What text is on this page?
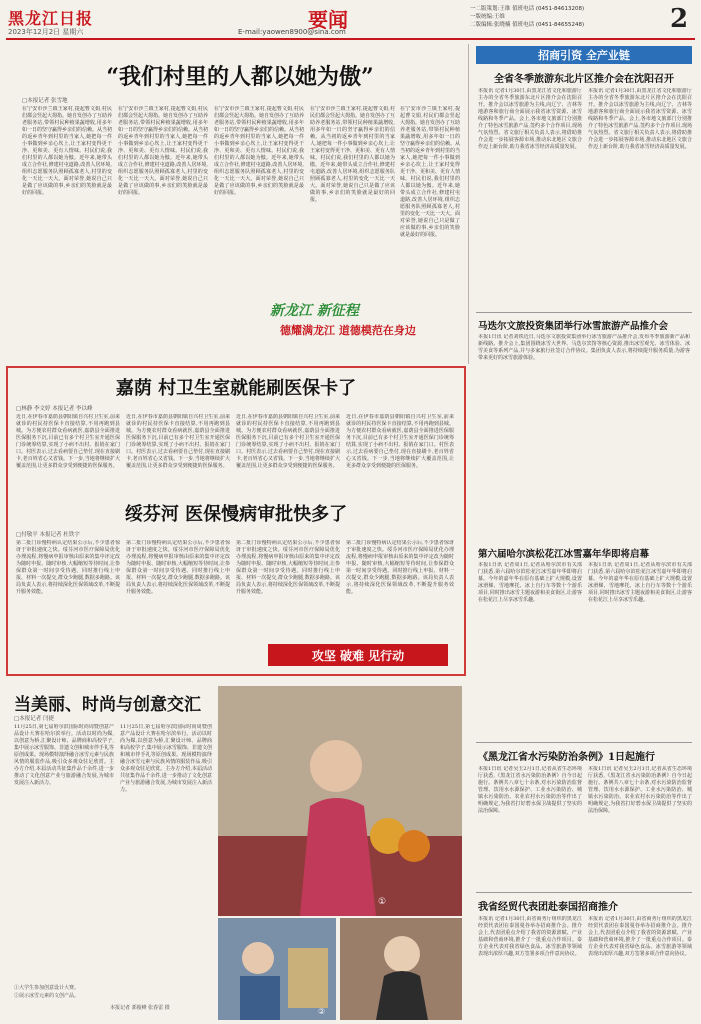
黑龙江日报
2023年12月2日 星期六	要闻
E-mail:yaowen8900@sina.com
一二版策划:王维 值班电话 (0451-84613208)
一版统编:王维
二版编辑:张晓楠 值班电话 (0451-84655248)	2
“我们村里的人都以她为傲”
□本报记者 张雪地
在宁安市沙兰镇王家村,提起曹文娟,村民们都会竖起大拇指。她自发创办了互助养老服务站,带领村民种植果蔬增收,用多年如一日的坚守赢得乡亲们的信赖。从当初的返乡青年到村里的当家人,她把每一件小事做到乡亲心坎上,让王家村变得更干净、更和美、更有人情味。村民们说,我们村里的人都以她为傲。近年来,她带头成立合作社,修建村屯道路,改善人居环境,组织志愿服务队照顾孤寡老人,村里的变化一天比一天大。面对荣誉,她说自己只是做了应该做的事,乡亲们的笑脸就是最好的回报。
在宁安市沙兰镇王家村,提起曹文娟,村民们都会竖起大拇指。她自发创办了互助养老服务站,带领村民种植果蔬增收,用多年如一日的坚守赢得乡亲们的信赖。从当初的返乡青年到村里的当家人,她把每一件小事做到乡亲心坎上,让王家村变得更干净、更和美、更有人情味。村民们说,我们村里的人都以她为傲。近年来,她带头成立合作社,修建村屯道路,改善人居环境,组织志愿服务队照顾孤寡老人,村里的变化一天比一天大。面对荣誉,她说自己只是做了应该做的事,乡亲们的笑脸就是最好的回报。
在宁安市沙兰镇王家村,提起曹文娟,村民们都会竖起大拇指。她自发创办了互助养老服务站,带领村民种植果蔬增收,用多年如一日的坚守赢得乡亲们的信赖。从当初的返乡青年到村里的当家人,她把每一件小事做到乡亲心坎上,让王家村变得更干净、更和美、更有人情味。村民们说,我们村里的人都以她为傲。近年来,她带头成立合作社,修建村屯道路,改善人居环境,组织志愿服务队照顾孤寡老人,村里的变化一天比一天大。面对荣誉,她说自己只是做了应该做的事,乡亲们的笑脸就是最好的回报。
在宁安市沙兰镇王家村,提起曹文娟,村民们都会竖起大拇指。她自发创办了互助养老服务站,带领村民种植果蔬增收,用多年如一日的坚守赢得乡亲们的信赖。从当初的返乡青年到村里的当家人,她把每一件小事做到乡亲心坎上,让王家村变得更干净、更和美、更有人情味。村民们说,我们村里的人都以她为傲。近年来,她带头成立合作社,修建村屯道路,改善人居环境,组织志愿服务队照顾孤寡老人,村里的变化一天比一天大。面对荣誉,她说自己只是做了应该做的事,乡亲们的笑脸就是最好的回报。
在宁安市沙兰镇王家村,提起曹文娟,村民们都会竖起大拇指。她自发创办了互助养老服务站,带领村民种植果蔬增收,用多年如一日的坚守赢得乡亲们的信赖。从当初的返乡青年到村里的当家人,她把每一件小事做到乡亲心坎上,让王家村变得更干净、更和美、更有人情味。村民们说,我们村里的人都以她为傲。近年来,她带头成立合作社,修建村屯道路,改善人居环境,组织志愿服务队照顾孤寡老人,村里的变化一天比一天大。面对荣誉,她说自己只是做了应该做的事,乡亲们的笑脸就是最好的回报。
新龙江 新征程
德耀满龙江 道德模范在身边
招商引资 全产业链
全省冬季旅游东北片区推介会在沈阳召开
本报讯 记者1月30日,由黑龙江省文化和旅游厅主办的全省冬季旅游东北片区推介会在沈阳召开。推介会以冰雪旅游为主线,向辽宁、吉林等地游客和旅行商全面展示我省冰雪资源、冰雪线路和冬季产品。会上,各市地文旅部门分别推介了特色冰雪旅游产品,签约多个合作项目,现场气氛热烈。省文旅厅相关负责人表示,将借助推介会进一步拓展客源市场,推动东北地区文旅合作迈上新台阶,助力我省冰雪经济高质量发展。
本报讯 记者1月30日,由黑龙江省文化和旅游厅主办的全省冬季旅游东北片区推介会在沈阳召开。推介会以冰雪旅游为主线,向辽宁、吉林等地游客和旅行商全面展示我省冰雪资源、冰雪线路和冬季产品。会上,各市地文旅部门分别推介了特色冰雪旅游产品,签约多个合作项目,现场气氛热烈。省文旅厅相关负责人表示,将借助推介会进一步拓展客源市场,推动东北地区文旅合作迈上新台阶,助力我省冰雪经济高质量发展。
马迭尔文旅投资集团举行冰雪旅游产品推介会
本报1日讯 记者刘铁近日,马迭尔文旅投资集团举行冰雪旅游产品推介会,发布冬季旅游新产品和新线路。推介会上,集团围绕冰雪大世界、马迭尔宾馆等核心资源,推出冰雪观光、冰雪体验、冰雪美食等系列产品,并与多家旅行社签订合作协议。集团负责人表示,将持续提升服务质量,为游客带来更好的冰雪旅游体验。
第六届哈尔滨松花江冰雪嘉年华即将启幕
本报1日讯 记者周1日,记者从哈尔滨市有关部门获悉,第六届哈尔滨松花江冰雪嘉年华即将启幕。今年的嘉年华在原有基础上扩大规模,设置冰滑梯、雪地摩托、冰上自行车等数十个游乐项目,同时推出冰雪主题夜游和美食街区,让游客在松花江上尽享冰雪乐趣。
本报1日讯 记者周1日,记者从哈尔滨市有关部门获悉,第六届哈尔滨松花江冰雪嘉年华即将启幕。今年的嘉年华在原有基础上扩大规模,设置冰滑梯、雪地摩托、冰上自行车等数十个游乐项目,同时推出冰雪主题夜游和美食街区,让游客在松花江上尽享冰雪乐趣。
嘉荫 村卫生室就能刷医保卡了
□林静 李文婷 本报记者 李以峰
近日,在伊春市嘉荫县朝阳镇自兴村卫生室,前来就诊的村民持医保卡直接结算,不用再跑到县城。为方便农村群众看病就医,嘉荫县全面推进医保服务下沉,目前已有多个村卫生室开通医保门诊统筹结算,实现了小病不出村、报销在家门口。村医表示,过去看病要自己垫付,现在直接刷卡,老百姓省心又省钱。下一步,当地将继续扩大覆盖范围,让更多群众享受到便捷的医保服务。
近日,在伊春市嘉荫县朝阳镇自兴村卫生室,前来就诊的村民持医保卡直接结算,不用再跑到县城。为方便农村群众看病就医,嘉荫县全面推进医保服务下沉,目前已有多个村卫生室开通医保门诊统筹结算,实现了小病不出村、报销在家门口。村医表示,过去看病要自己垫付,现在直接刷卡,老百姓省心又省钱。下一步,当地将继续扩大覆盖范围,让更多群众享受到便捷的医保服务。
近日,在伊春市嘉荫县朝阳镇自兴村卫生室,前来就诊的村民持医保卡直接结算,不用再跑到县城。为方便农村群众看病就医,嘉荫县全面推进医保服务下沉,目前已有多个村卫生室开通医保门诊统筹结算,实现了小病不出村、报销在家门口。村医表示,过去看病要自己垫付,现在直接刷卡,老百姓省心又省钱。下一步,当地将继续扩大覆盖范围,让更多群众享受到便捷的医保服务。
近日,在伊春市嘉荫县朝阳镇自兴村卫生室,前来就诊的村民持医保卡直接结算,不用再跑到县城。为方便农村群众看病就医,嘉荫县全面推进医保服务下沉,目前已有多个村卫生室开通医保门诊统筹结算,实现了小病不出村、报销在家门口。村医表示,过去看病要自己垫付,现在直接刷卡,老百姓省心又省钱。下一步,当地将继续扩大覆盖范围,让更多群众享受到便捷的医保服务。
绥芬河 医保慢病审批快多了
□付敬平 本报记者 杜铁宇
第二批门诊慢特病认定结果公示后,不少患者惊讶于审批速度之快。绥芬河市医疗保障局优化办理流程,将慢病申报审核由原来的集中评定改为随时申报、随时审核,大幅缩短等待时间,让参保群众第一时间享受待遇。同时推行线上申报、材料一次提交,群众少跑腿,数据多跑路。该局负责人表示,将持续深化医保领域改革,不断提升服务效能。
第二批门诊慢特病认定结果公示后,不少患者惊讶于审批速度之快。绥芬河市医疗保障局优化办理流程,将慢病申报审核由原来的集中评定改为随时申报、随时审核,大幅缩短等待时间,让参保群众第一时间享受待遇。同时推行线上申报、材料一次提交,群众少跑腿,数据多跑路。该局负责人表示,将持续深化医保领域改革,不断提升服务效能。
第二批门诊慢特病认定结果公示后,不少患者惊讶于审批速度之快。绥芬河市医疗保障局优化办理流程,将慢病申报审核由原来的集中评定改为随时申报、随时审核,大幅缩短等待时间,让参保群众第一时间享受待遇。同时推行线上申报、材料一次提交,群众少跑腿,数据多跑路。该局负责人表示,将持续深化医保领域改革,不断提升服务效能。
第二批门诊慢特病认定结果公示后,不少患者惊讶于审批速度之快。绥芬河市医疗保障局优化办理流程,将慢病申报审核由原来的集中评定改为随时申报、随时审核,大幅缩短等待时间,让参保群众第一时间享受待遇。同时推行线上申报、材料一次提交,群众少跑腿,数据多跑路。该局负责人表示,将持续深化医保领域改革,不断提升服务效能。
攻坚 破难 见行动
当美丽、时尚与创意交汇
□本报记者 闫捷
11月25日,第七届哈尔滨国际时尚周暨创意产品设计大赛在哈尔滨举行。活动以时尚为媒,以创意为桥,汇聚设计师、品牌商和高校学子,集中展示冰雪服饰、非遗文创和城市伴手礼等原创成果。现场模特演绎融合冰雪元素与民族风情的服装作品,吸引众多观众驻足欣赏。主办方介绍,本届活动共征集作品千余件,进一步推动了文化创意产业与旅游融合发展,为城市发展注入新活力。
11月25日,第七届哈尔滨国际时尚周暨创意产品设计大赛在哈尔滨举行。活动以时尚为媒,以创意为桥,汇聚设计师、品牌商和高校学子,集中展示冰雪服饰、非遗文创和城市伴手礼等原创成果。现场模特演绎融合冰雪元素与民族风情的服装作品,吸引众多观众驻足欣赏。主办方介绍,本届活动共征集作品千余件,进一步推动了文化创意产业与旅游融合发展,为城市发展注入新活力。
①大学生参加创意设计大赛。
②展示冰雪元素的文创产品。
本报记者 郭俊峰 张春雷 摄
①
②
《黑龙江省水污染防治条例》1日起施行
本报1日讯 记者吴玉2月1日,记者从省生态环境厅获悉,《黑龙江省水污染防治条例》自今日起施行。条例共八章七十余条,对水污染防治监督管理、饮用水水源保护、工业水污染防治、城镇水污染防治、农业农村水污染防治等作出了明确规定,为我省打好碧水保卫战提供了坚实的法治保障。
本报1日讯 记者吴玉2月1日,记者从省生态环境厅获悉,《黑龙江省水污染防治条例》自今日起施行。条例共八章七十余条,对水污染防治监督管理、饮用水水源保护、工业水污染防治、城镇水污染防治、农业农村水污染防治等作出了明确规定,为我省打好碧水保卫战提供了坚实的法治保障。
我省经贸代表团赴泰国招商推介
本报讯 记者1月30日,由省商务厅组织的黑龙江经贸代表团在泰国曼谷举办招商推介会。推介会上,代表团重点介绍了我省的资源禀赋、产业基础和营商环境,推介了一批重点合作项目。泰方企业代表对我省绿色食品、冰雪旅游等领域表现出浓厚兴趣,双方签署多项合作意向协议。
本报讯 记者1月30日,由省商务厅组织的黑龙江经贸代表团在泰国曼谷举办招商推介会。推介会上,代表团重点介绍了我省的资源禀赋、产业基础和营商环境,推介了一批重点合作项目。泰方企业代表对我省绿色食品、冰雪旅游等领域表现出浓厚兴趣,双方签署多项合作意向协议。
